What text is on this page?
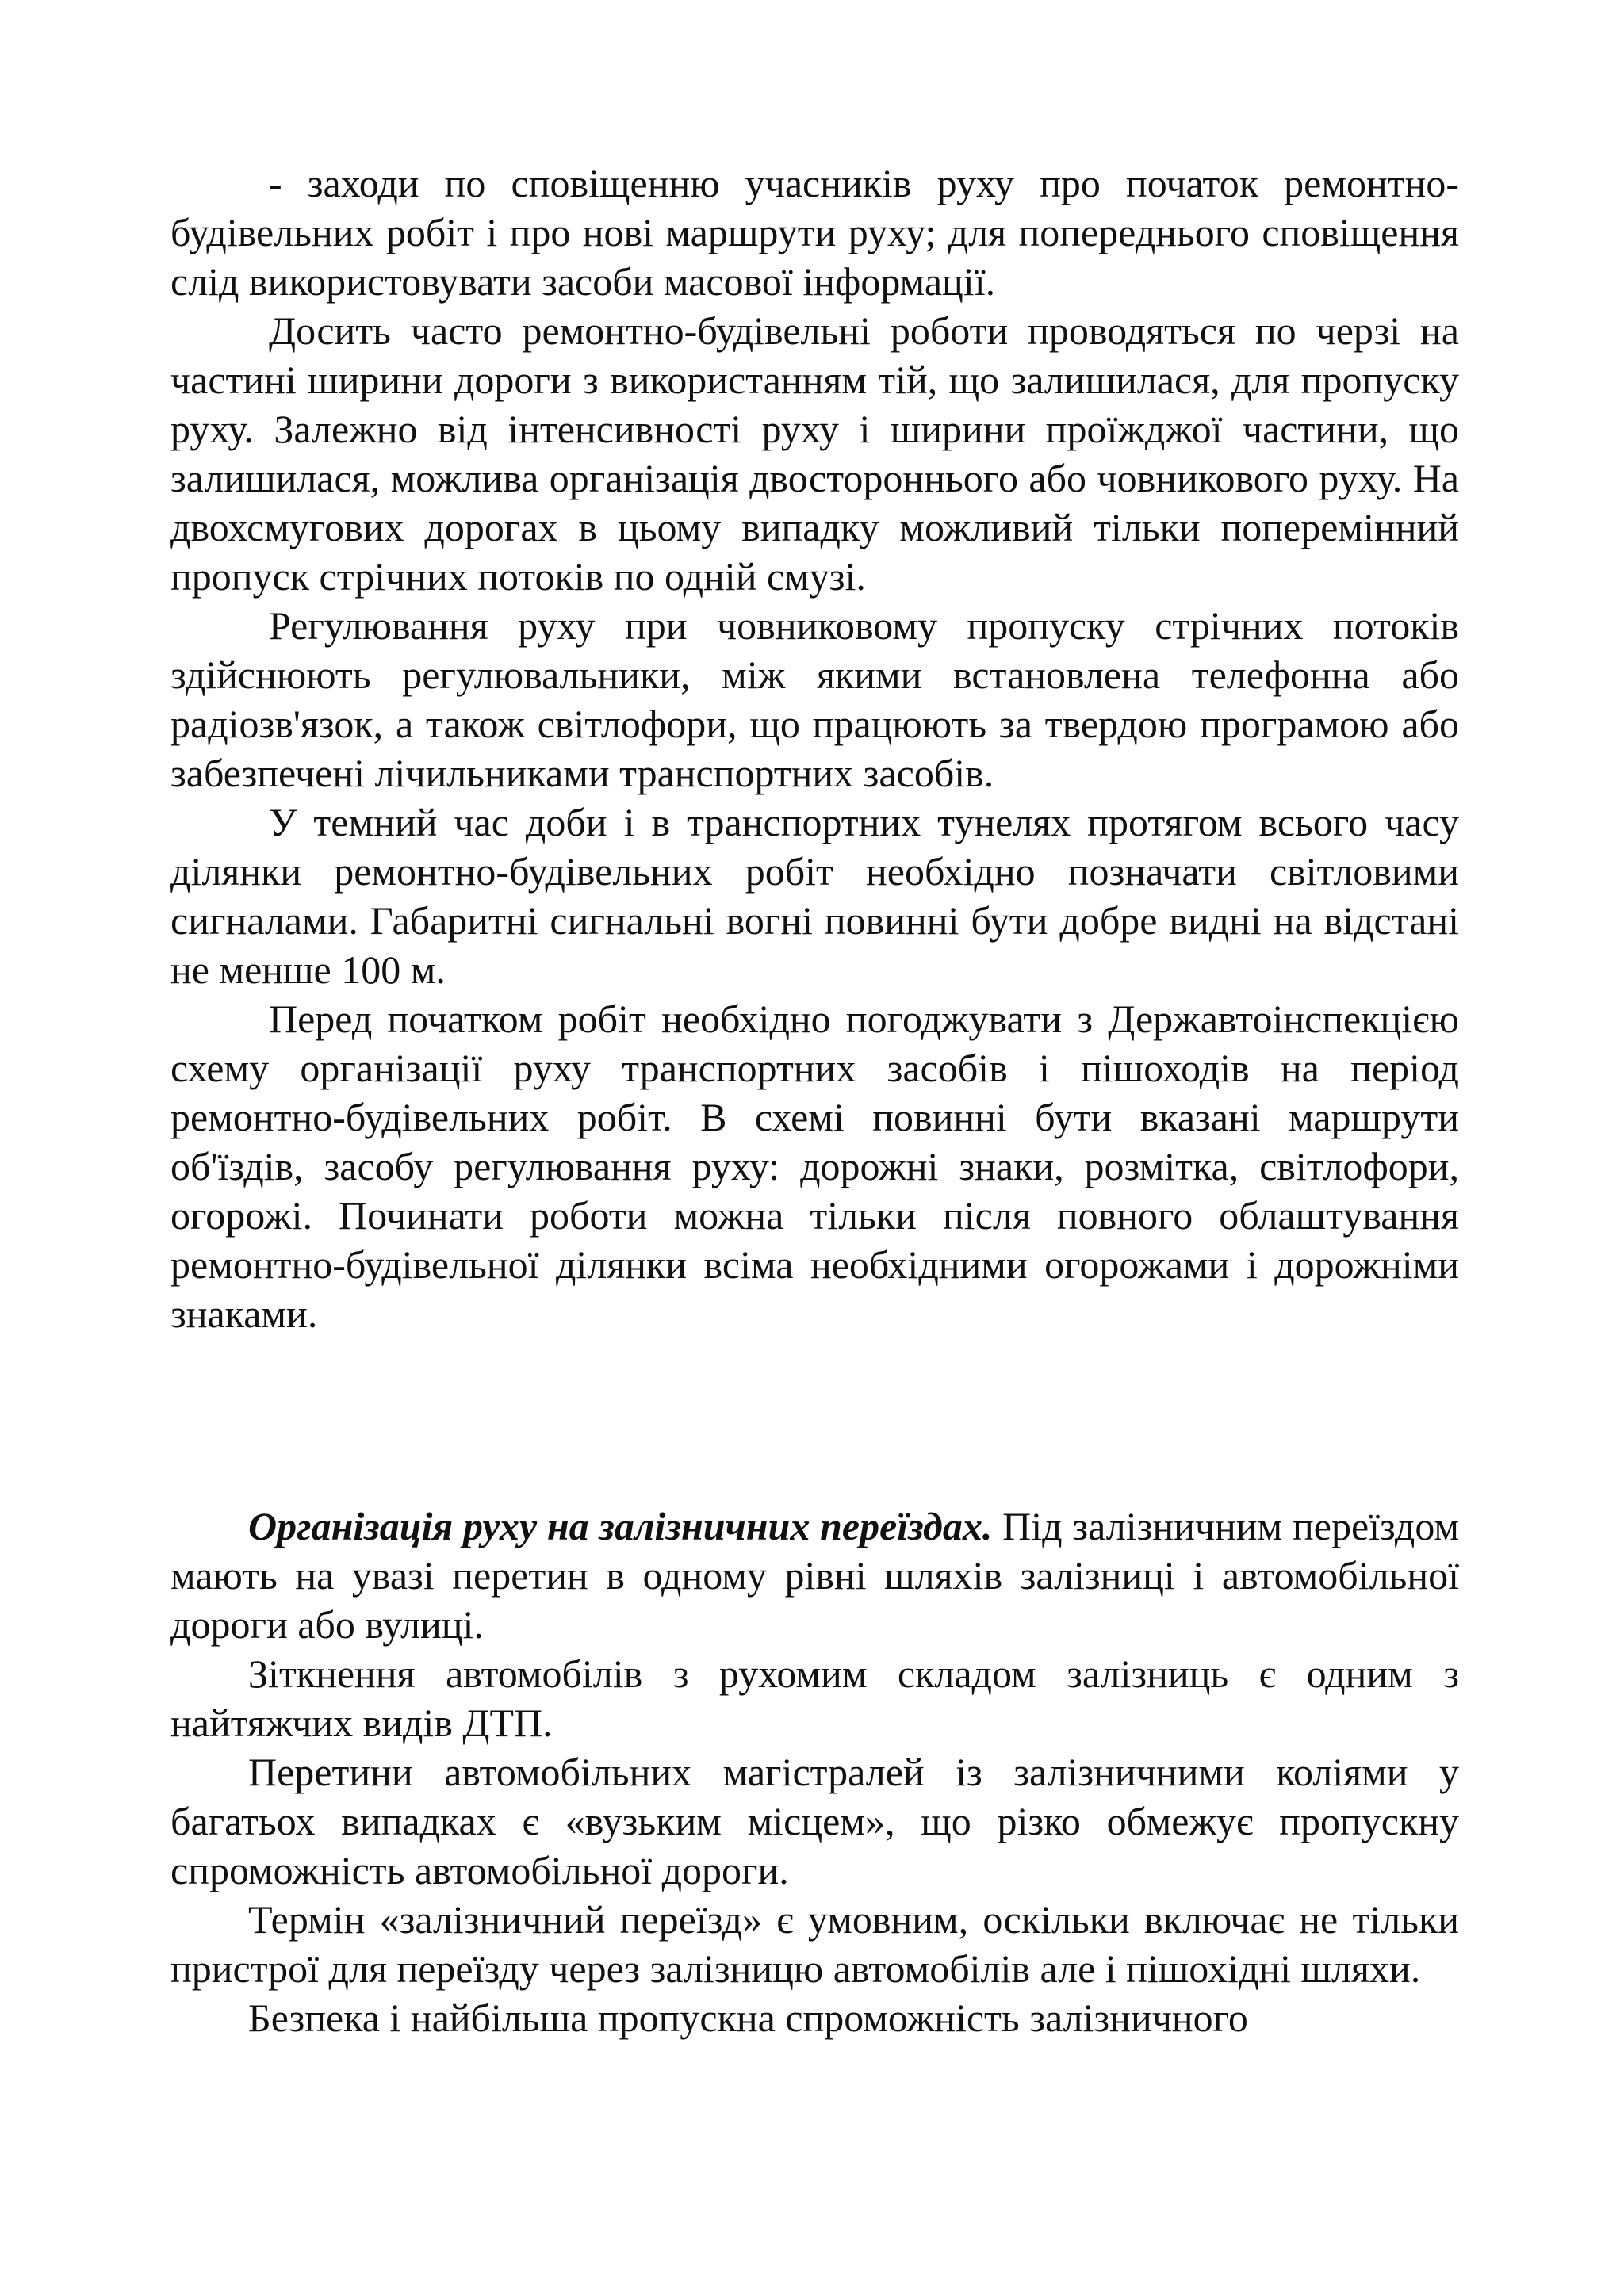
- заходи по сповіщенню учасників руху про початок ремонтно-будівельних робіт і про нові маршрути руху; для попереднього сповіщення слід використовувати засоби масової інформації.

Досить часто ремонтно-будівельні роботи проводяться по черзі на частині ширини дороги з використанням тій, що залишилася, для пропуску руху. Залежно від інтенсивності руху і ширини проїжджої частини, що залишилася, можлива організація двостороннього або човникового руху. На двохсмугових дорогах в цьому випадку можливий тільки поперемінний пропуск стрічних потоків по одній смузі.

Регулювання руху при човниковому пропуску стрічних потоків здійснюють регулювальники, між якими встановлена телефонна або радіозв'язок, а також світлофори, що працюють за твердою програмою або забезпечені лічильниками транспортних засобів.

У темний час доби і в транспортних тунелях протягом всього часу ділянки ремонтно-будівельних робіт необхідно позначати світловими сигналами. Габаритні сигнальні вогні повинні бути добре видні на відстані не менше 100 м.

Перед початком робіт необхідно погоджувати з Державтоінспекцією схему організації руху транспортних засобів і пішоходів на період ремонтно-будівельних робіт. В схемі повинні бути вказані маршрути об'їздів, засобу регулювання руху: дорожні знаки, розмітка, світлофори, огорожі. Починати роботи можна тільки після повного облаштування ремонтно-будівельної ділянки всіма необхідними огорожами і дорожніми знаками.

Організація руху на залізничних переїздах. Під залізничним переїздом мають на увазі перетин в одному рівні шляхів залізниці і автомобільної дороги або вулиці.

Зіткнення автомобілів з рухомим складом залізниць є одним з найтяжчих видів ДТП.

Перетини автомобільних магістралей із залізничними коліями у багатьох випадках є «вузьким місцем», що різко обмежує пропускну спроможність автомобільної дороги.

Термін «залізничний переїзд» є умовним, оскільки включає не тільки пристрої для переїзду через залізницю автомобілів але і пішохідні шляхи.

Безпека і найбільша пропускна спроможність залізничного
